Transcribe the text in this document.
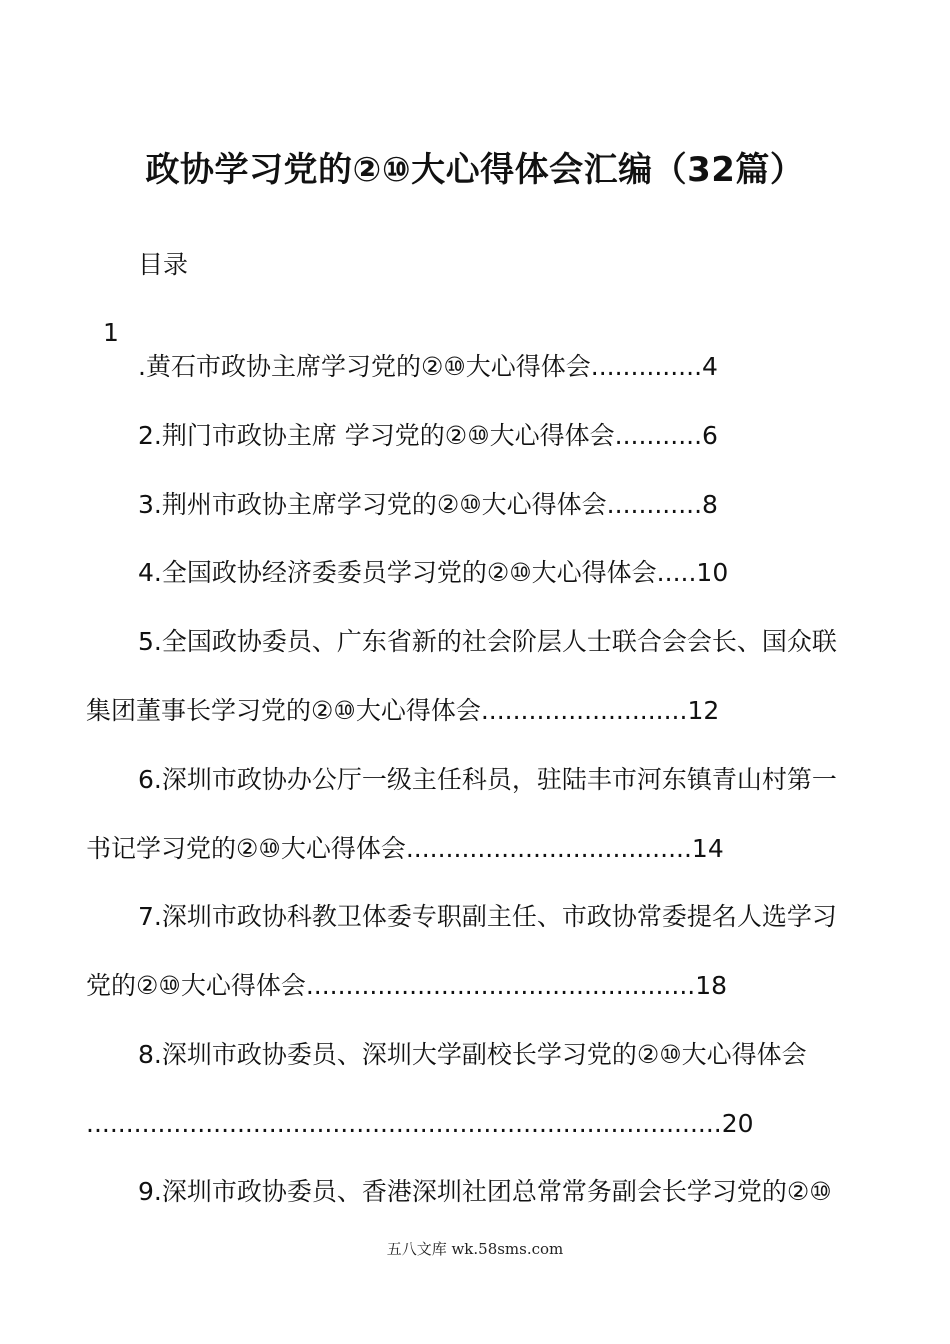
政协学习党的②⑩大心得体会汇编（32篇）
目录
1
.黄石市政协主席学习党的②⑩大心得体会..............4
2.荆门市政协主席 学习党的②⑩大心得体会...........6
3.荆州市政协主席学习党的②⑩大心得体会............8
4.全国政协经济委委员学习党的②⑩大心得体会.....10
5.全国政协委员、广东省新的社会阶层人士联合会会长、国众联
集团董事长学习党的②⑩大心得体会..........................12
6.深圳市政协办公厅一级主任科员，驻陆丰市河东镇青山村第一
书记学习党的②⑩大心得体会....................................14
7.深圳市政协科教卫体委专职副主任、市政协常委提名人选学习
党的②⑩大心得体会.................................................18
8.深圳市政协委员、深圳大学副校长学习党的②⑩大心得体会
................................................................................20
9.深圳市政协委员、香港深圳社团总常常务副会长学习党的②⑩
五八文库 wk.58sms.com
